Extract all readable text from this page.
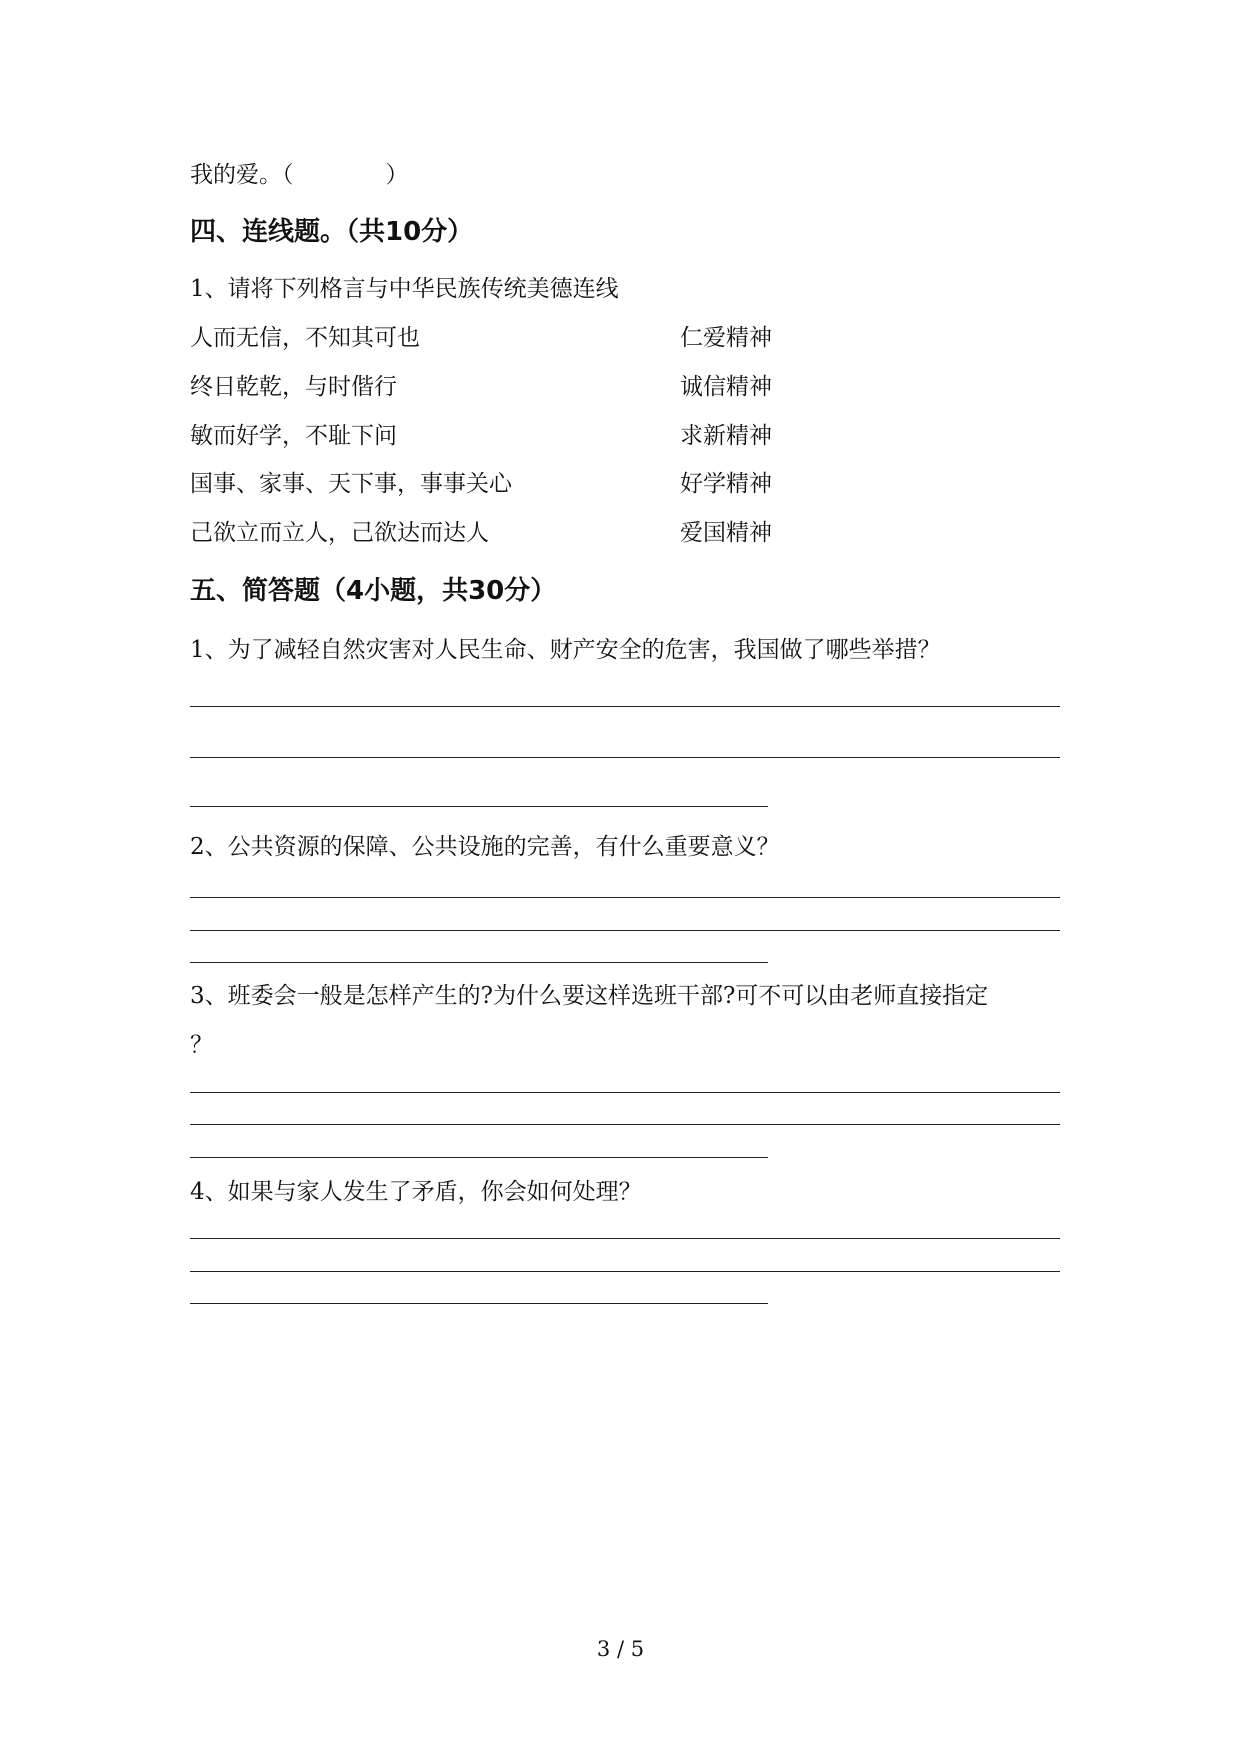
我的爱。（　　　　）
四、连线题。（共10分）
1、请将下列格言与中华民族传统美德连线
人而无信，不知其可也	仁爱精神
终日乾乾，与时偕行	诚信精神
敏而好学，不耻下问	求新精神
国事、家事、天下事，事事关心	好学精神
己欲立而立人，己欲达而达人	爱国精神
五、简答题（4小题，共30分）
1、为了减轻自然灾害对人民生命、财产安全的危害，我国做了哪些举措？
2、公共资源的保障、公共设施的完善，有什么重要意义？
3、班委会一般是怎样产生的?为什么要这样选班干部?可不可以由老师直接指定
？
4、如果与家人发生了矛盾，你会如何处理？
3 / 5
